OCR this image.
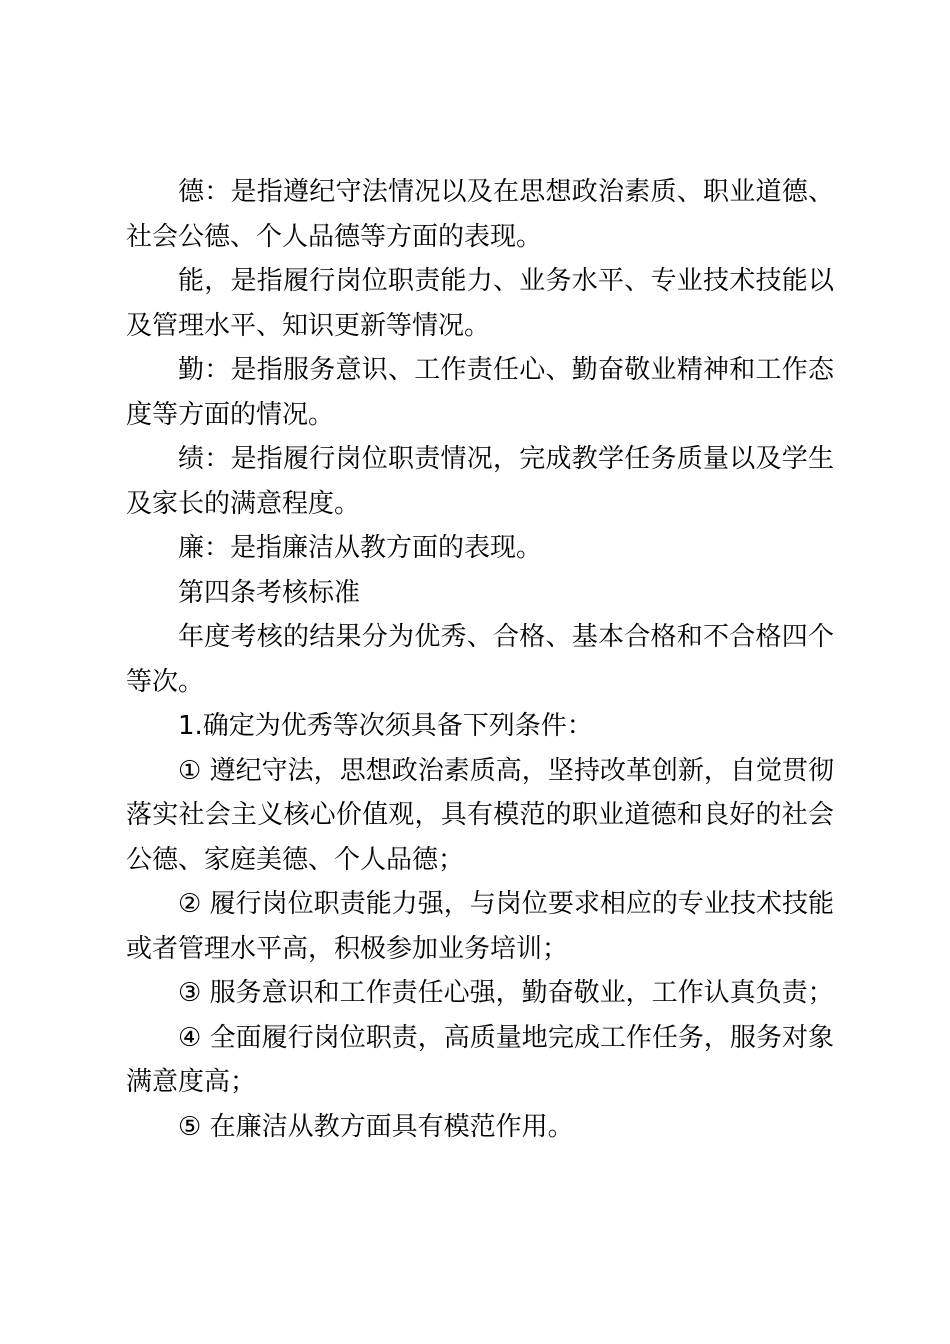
德：是指遵纪守法情况以及在思想政治素质、职业道德、社会公德、个人品德等方面的表现。

能，是指履行岗位职责能力、业务水平、专业技术技能以及管理水平、知识更新等情况。

勤：是指服务意识、工作责任心、勤奋敬业精神和工作态度等方面的情况。

绩：是指履行岗位职责情况，完成教学任务质量以及学生及家长的满意程度。

廉：是指廉洁从教方面的表现。

第四条考核标准

年度考核的结果分为优秀、合格、基本合格和不合格四个等次。

1.确定为优秀等次须具备下列条件：

① 遵纪守法，思想政治素质高，坚持改革创新，自觉贯彻落实社会主义核心价值观，具有模范的职业道德和良好的社会公德、家庭美德、个人品德；

② 履行岗位职责能力强，与岗位要求相应的专业技术技能或者管理水平高，积极参加业务培训；

③ 服务意识和工作责任心强，勤奋敬业，工作认真负责；

④ 全面履行岗位职责，高质量地完成工作任务，服务对象满意度高；

⑤ 在廉洁从教方面具有模范作用。
